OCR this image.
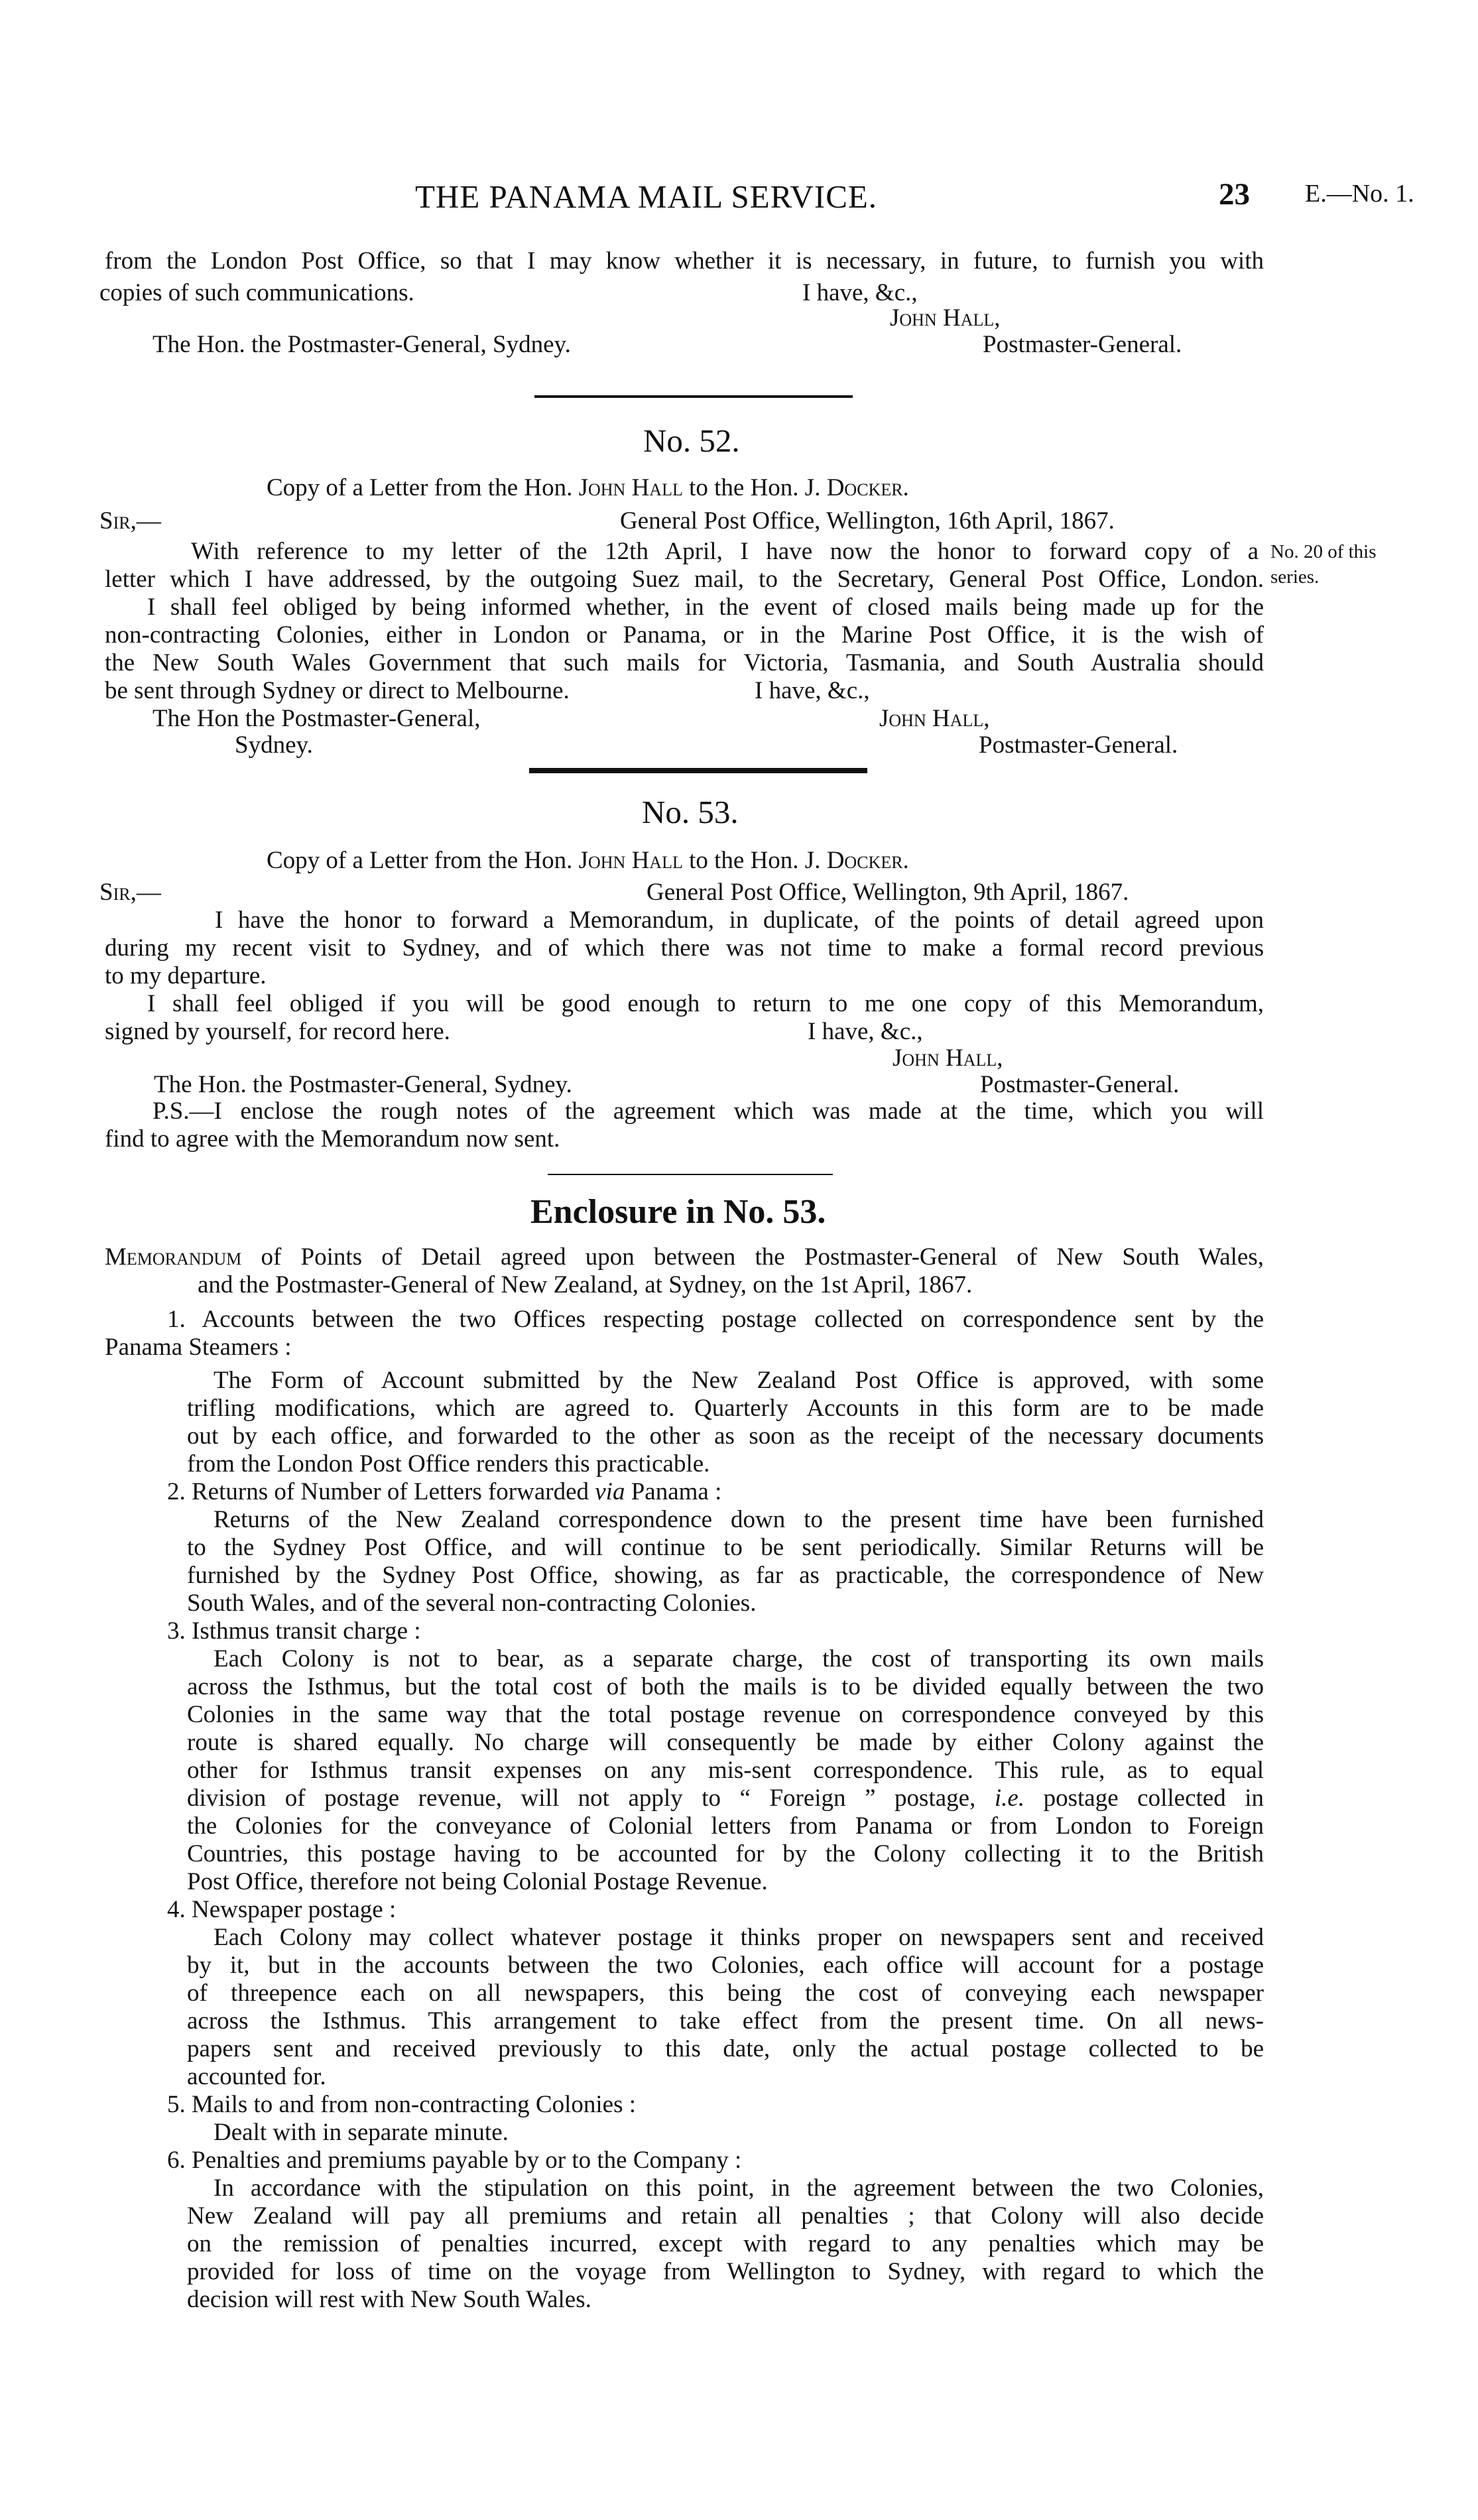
THE PANAMA MAIL SERVICE.	23 E.—No. 1.
from the London Post Office, so that I may know whether it is necessary, in future, to furnish you with
copies of such communications.	I have, &c.,
John Hall,
The Hon. the Postmaster-General, Sydney.	Postmaster-General.
No. 52.
Copy of a Letter from the Hon. John Hall to the Hon. J. Docker.
Sir,—	General Post Office, Wellington, 16th April, 1867.
With reference to my letter of the 12th April, I have now the honor to forward copy of a
letter which I have addressed, by the outgoing Suez mail, to the Secretary, General Post Office, London.
I shall feel obliged by being informed whether, in the event of closed mails being made up for the
non-contracting Colonies, either in London or Panama, or in the Marine Post Office, it is the wish of
the New South Wales Government that such mails for Victoria, Tasmania, and South Australia should
be sent through Sydney or direct to Melbourne.
No. 20 of this
series.
I have, &c.,
The Hon the Postmaster-General,	John Hall,
Sydney.	Postmaster-General.
No. 53.
Copy of a Letter from the Hon. John Hall to the Hon. J. Docker.
Sir,—	General Post Office, Wellington, 9th April, 1867.
I have the honor to forward a Memorandum, in duplicate, of the points of detail agreed upon
during my recent visit to Sydney, and of which there was not time to make a formal record previous
to my departure.
I shall feel obliged if you will be good enough to return to me one copy of this Memorandum,
signed by yourself, for record here.	I have, &c.,
John Hall,
The Hon. the Postmaster-General, Sydney.	Postmaster-General.
P.S.—I enclose the rough notes of the agreement which was made at the time, which you will
find to agree with the Memorandum now sent.
Enclosure in No. 53.
Memorandum of Points of Detail agreed upon between the Postmaster-General of New South Wales,
and the Postmaster-General of New Zealand, at Sydney, on the 1st April, 1867.
1. Accounts between the two Offices respecting postage collected on correspondence sent by the
Panama Steamers :
The Form of Account submitted by the New Zealand Post Office is approved, with some
trifling modifications, which are agreed to. Quarterly Accounts in this form are to be made
out by each office, and forwarded to the other as soon as the receipt of the necessary documents
from the London Post Office renders this practicable.
2. Returns of Number of Letters forwarded via Panama :
Returns of the New Zealand correspondence down to the present time have been furnished
to the Sydney Post Office, and will continue to be sent periodically. Similar Returns will be
furnished by the Sydney Post Office, showing, as far as practicable, the correspondence of New
South Wales, and of the several non-contracting Colonies.
3. Isthmus transit charge :
Each Colony is not to bear, as a separate charge, the cost of transporting its own mails
across the Isthmus, but the total cost of both the mails is to be divided equally between the two
Colonies in the same way that the total postage revenue on correspondence conveyed by this
route is shared equally. No charge will consequently be made by either Colony against the
other for Isthmus transit expenses on any mis-sent correspondence. This rule, as to equal
division of postage revenue, will not apply to “ Foreign ” postage, i.e. postage collected in
the Colonies for the conveyance of Colonial letters from Panama or from London to Foreign
Countries, this postage having to be accounted for by the Colony collecting it to the British
Post Office, therefore not being Colonial Postage Revenue.
4. Newspaper postage :
Each Colony may collect whatever postage it thinks proper on newspapers sent and received
by it, but in the accounts between the two Colonies, each office will account for a postage
of threepence each on all newspapers, this being the cost of conveying each newspaper
across the Isthmus. This arrangement to take effect from the present time. On all news-
papers sent and received previously to this date, only the actual postage collected to be
accounted for.
5. Mails to and from non-contracting Colonies :
Dealt with in separate minute.
6. Penalties and premiums payable by or to the Company :
In accordance with the stipulation on this point, in the agreement between the two Colonies,
New Zealand will pay all premiums and retain all penalties ; that Colony will also decide
on the remission of penalties incurred, except with regard to any penalties which may be
provided for loss of time on the voyage from Wellington to Sydney, with regard to which the
decision will rest with New South Wales.
